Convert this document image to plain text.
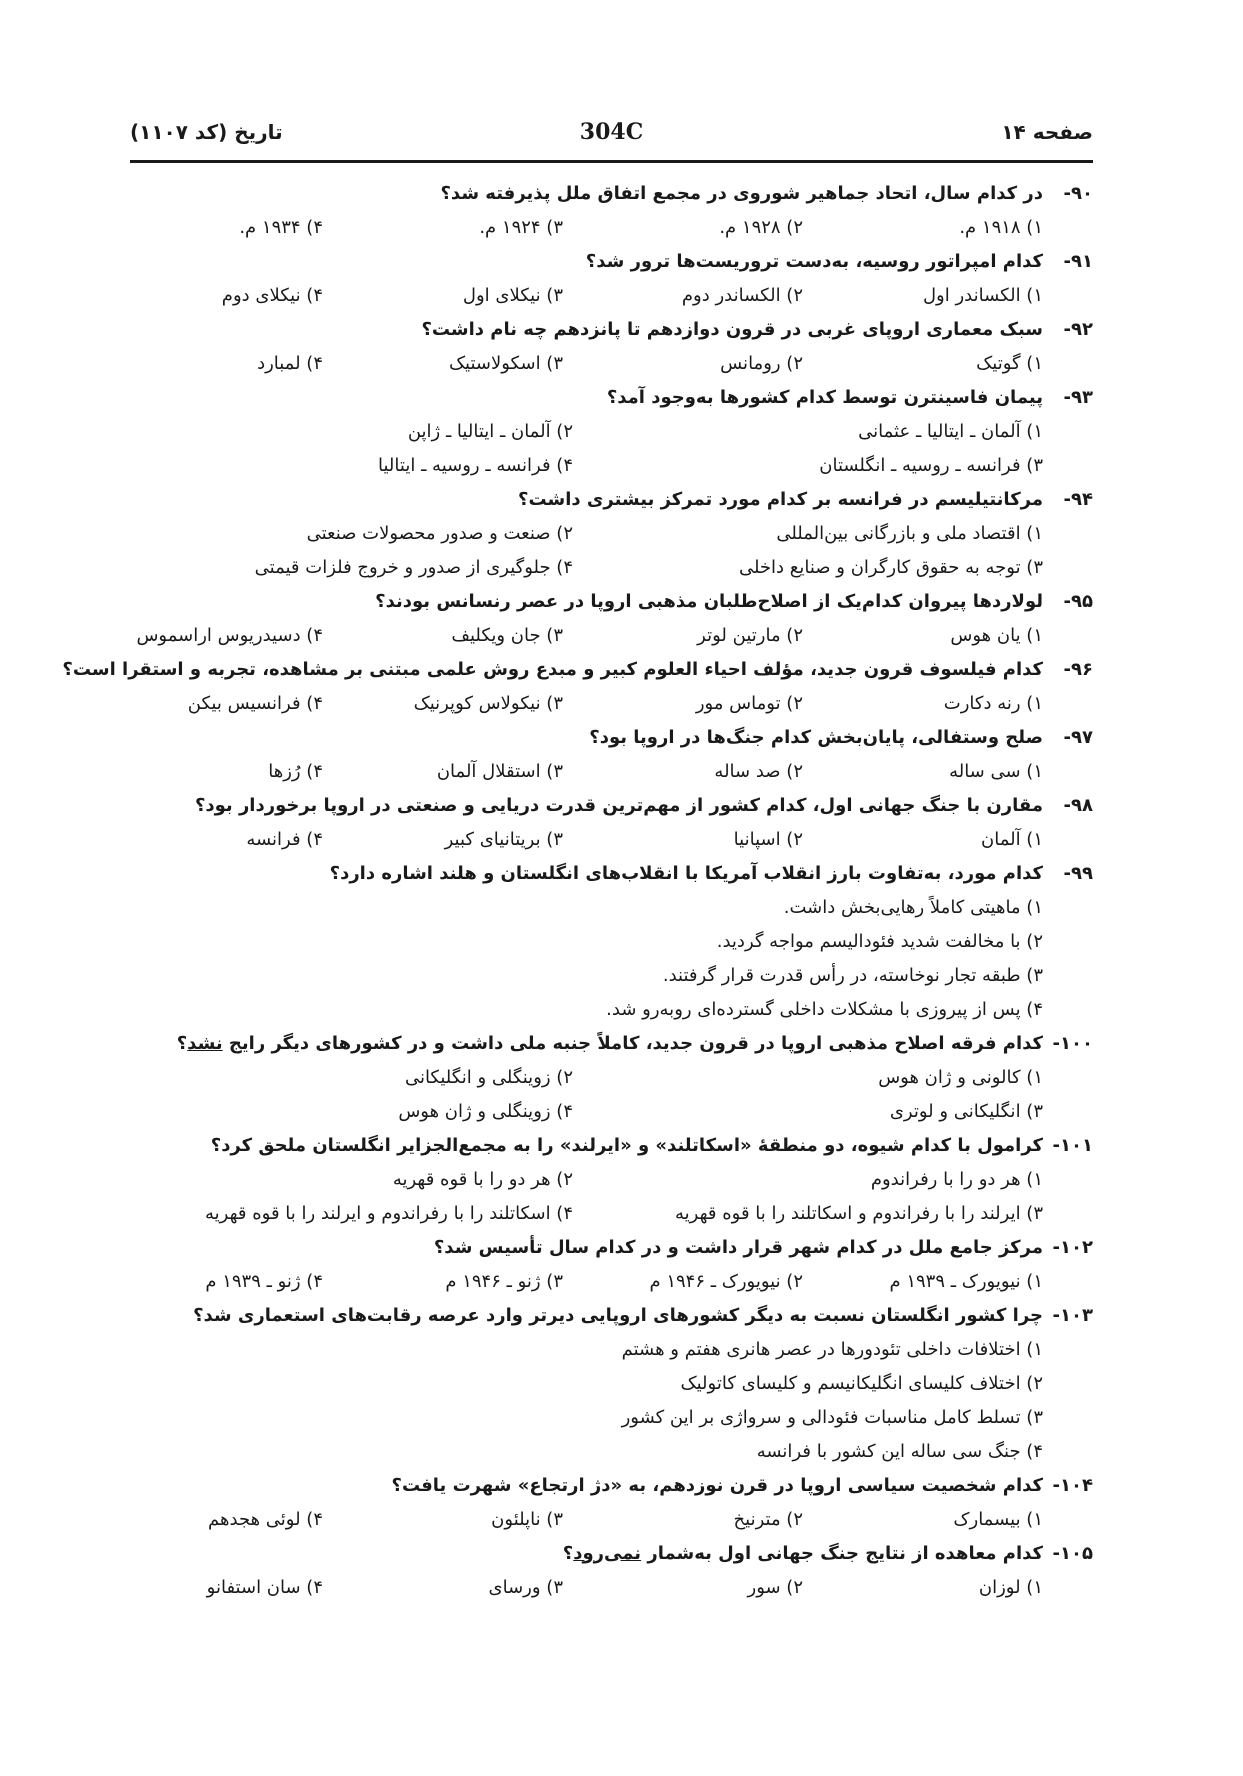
تاریخ (کد ۱۱۰۷)	304C	صفحه ۱۴
۹۰-
در کدام سال، اتحاد جماهیر شوروی در مجمع اتفاق ملل پذیرفته شد؟
۱) ۱۹۱۸ م.
۲) ۱۹۲۸ م.
۳) ۱۹۲۴ م.
۴) ۱۹۳۴ م.
۹۱-
کدام امپراتور روسیه، به‌دست تروریست‌ها ترور شد؟
۱) الکساندر اول
۲) الکساندر دوم
۳) نیکلای اول
۴) نیکلای دوم
۹۲-
سبک معماری اروپای غربی در قرون دوازدهم تا پانزدهم چه نام داشت؟
۱) گوتیک
۲) رومانس
۳) اسکولاستیک
۴) لمبارد
۹۳-
پیمان فاسینترن توسط کدام کشورها به‌وجود آمد؟
۱) آلمان ـ ایتالیا ـ عثمانی
۲) آلمان ـ ایتالیا ـ ژاپن
۳) فرانسه ـ روسیه ـ انگلستان
۴) فرانسه ـ روسیه ـ ایتالیا
۹۴-
مرکانتیلیسم در فرانسه بر کدام مورد تمرکز بیشتری داشت؟
۱) اقتصاد ملی و بازرگانی بین‌المللی
۲) صنعت و صدور محصولات صنعتی
۳) توجه به حقوق کارگران و صنایع داخلی
۴) جلوگیری از صدور و خروج فلزات قیمتی
۹۵-
لولاردها پیروان کدام‌یک از اصلاح‌طلبان مذهبی اروپا در عصر رنسانس بودند؟
۱) یان هوس
۲) مارتین لوتر
۳) جان ویکلیف
۴) دسیدریوس اراسموس
۹۶-
کدام فیلسوف قرون جدید، مؤلف احیاء العلوم کبیر و مبدع روش علمی مبتنی بر مشاهده، تجربه و استقرا است؟
۱) رنه دکارت
۲) توماس مور
۳) نیکولاس کوپرنیک
۴) فرانسیس بیکن
۹۷-
صلح وستفالی، پایان‌بخش کدام جنگ‌ها در اروپا بود؟
۱) سی ساله
۲) صد ساله
۳) استقلال آلمان
۴) رُزها
۹۸-
مقارن با جنگ جهانی اول، کدام کشور از مهم‌ترین قدرت دریایی و صنعتی در اروپا برخوردار بود؟
۱) آلمان
۲) اسپانیا
۳) بریتانیای کبیر
۴) فرانسه
۹۹-
کدام مورد، به‌تفاوت بارز انقلاب آمریکا با انقلاب‌های انگلستان و هلند اشاره دارد؟
۱) ماهیتی کاملاً رهایی‌بخش داشت.
۲) با مخالفت شدید فئودالیسم مواجه گردید.
۳) طبقه تجار نوخاسته، در رأس قدرت قرار گرفتند.
۴) پس از پیروزی با مشکلات داخلی گسترده‌ای روبه‌رو شد.
۱۰۰-
کدام فرقه اصلاح مذهبی اروپا در قرون جدید، کاملاً جنبه ملی داشت و در کشورهای دیگر رایج نشد؟
۱) کالونی و ژان هوس
۲) زوینگلی و انگلیکانی
۳) انگلیکانی و لوتری
۴) زوینگلی و ژان هوس
۱۰۱-
کرامول با کدام شیوه، دو منطقهٔ «اسکاتلند» و «ایرلند» را به مجمع‌الجزایر انگلستان ملحق کرد؟
۱) هر دو را با رفراندوم
۲) هر دو را با قوه قهریه
۳) ایرلند را با رفراندوم و اسکاتلند را با قوه قهریه
۴) اسکاتلند را با رفراندوم و ایرلند را با قوه قهریه
۱۰۲-
مرکز جامع ملل در کدام شهر قرار داشت و در کدام سال تأسیس شد؟
۱) نیویورک ـ ۱۹۳۹ م
۲) نیویورک ـ ۱۹۴۶ م
۳) ژنو ـ ۱۹۴۶ م
۴) ژنو ـ ۱۹۳۹ م
۱۰۳-
چرا کشور انگلستان نسبت به دیگر کشورهای اروپایی دیرتر وارد عرصه رقابت‌های استعماری شد؟
۱) اختلافات داخلی تئودورها در عصر هانری هفتم و هشتم
۲) اختلاف کلیسای انگلیکانیسم و کلیسای کاتولیک
۳) تسلط کامل مناسبات فئودالی و سرواژی بر این کشور
۴) جنگ سی ساله این کشور با فرانسه
۱۰۴-
کدام شخصیت سیاسی اروپا در قرن نوزدهم، به «دژ ارتجاع» شهرت یافت؟
۱) بیسمارک
۲) مترنیخ
۳) ناپلئون
۴) لوئی هجدهم
۱۰۵-
کدام معاهده از نتایج جنگ جهانی اول به‌شمار نمی‌رود؟
۱) لوزان
۲) سور
۳) ورسای
۴) سان استفانو
